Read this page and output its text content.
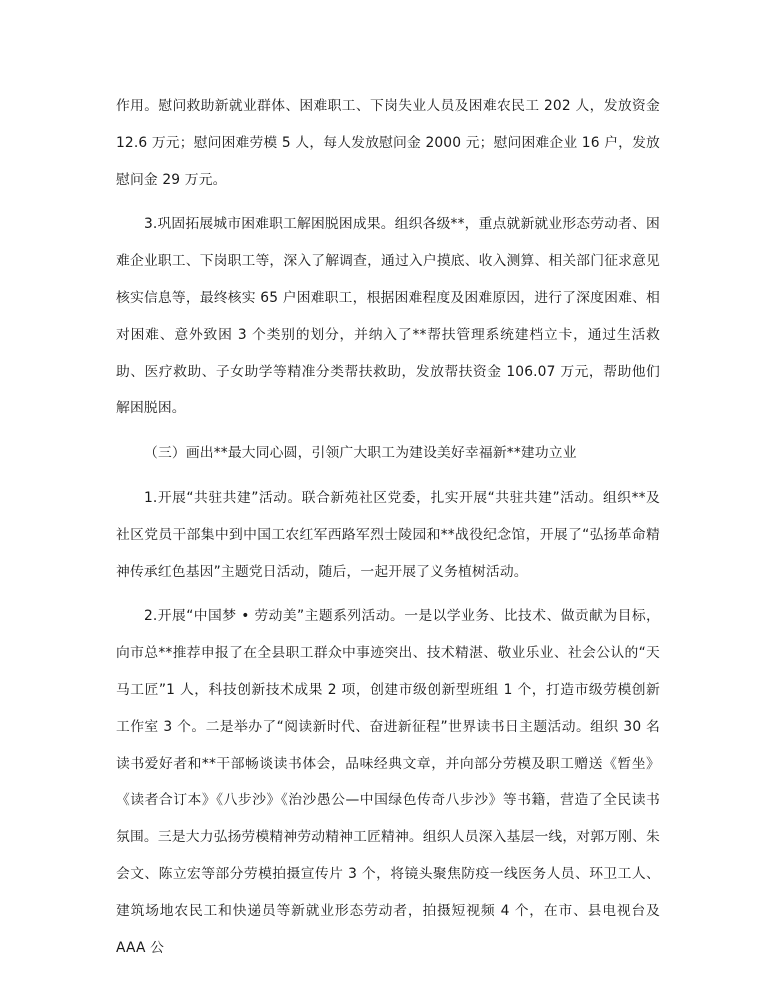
作用。慰问救助新就业群体、困难职工、下岗失业人员及困难农民工 202 人，发放资金 12.6 万元；慰问困难劳模 5 人，每人发放慰问金 2000 元；慰问困难企业 16 户，发放慰问金 29 万元。

3.巩固拓展城市困难职工解困脱困成果。组织各级**，重点就新就业形态劳动者、困难企业职工、下岗职工等，深入了解调查，通过入户摸底、收入测算、相关部门征求意见核实信息等，最终核实 65 户困难职工，根据困难程度及困难原因，进行了深度困难、相对困难、意外致困 3 个类别的划分，并纳入了**帮扶管理系统建档立卡，通过生活救助、医疗救助、子女助学等精准分类帮扶救助，发放帮扶资金 106.07 万元，帮助他们解困脱困。

（三）画出**最大同心圆，引领广大职工为建设美好幸福新**建功立业

1.开展“共驻共建”活动。联合新苑社区党委，扎实开展“共驻共建”活动。组织**及社区党员干部集中到中国工农红军西路军烈士陵园和**战役纪念馆，开展了“弘扬革命精神传承红色基因”主题党日活动，随后，一起开展了义务植树活动。

2.开展“中国梦 • 劳动美”主题系列活动。一是以学业务、比技术、做贡献为目标，向市总**推荐申报了在全县职工群众中事迹突出、技术精湛、敬业乐业、社会公认的“天马工匠”1 人，科技创新技术成果 2 项，创建市级创新型班组 1 个，打造市级劳模创新工作室 3 个。二是举办了“阅读新时代、奋进新征程”世界读书日主题活动。组织 30 名读书爱好者和**干部畅谈读书体会，品味经典文章，并向部分劳模及职工赠送《暂坐》《读者合订本》《八步沙》《治沙愚公—中国绿色传奇八步沙》等书籍，营造了全民读书氛围。三是大力弘扬劳模精神劳动精神工匠精神。组织人员深入基层一线，对郭万刚、朱会文、陈立宏等部分劳模拍摄宣传片 3 个，将镜头聚焦防疫一线医务人员、环卫工人、建筑场地农民工和快递员等新就业形态劳动者，拍摄短视频 4 个，在市、县电视台及 AAA 公
